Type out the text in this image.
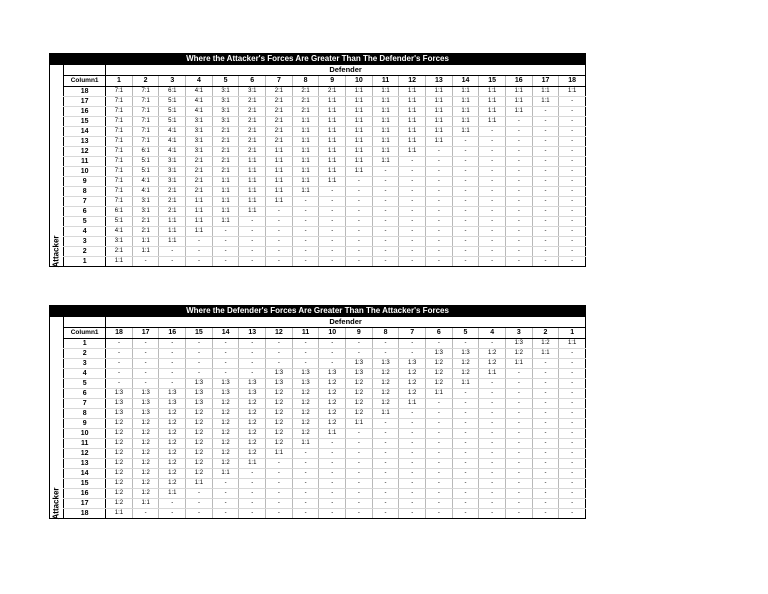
Where the Attacker's Forces Are Greater Than The Defender's Forces
Attacker
	Defender																	
Column1	1	2	3	4	5	6	7	8	9	10	11	12	13	14	15	16	17	18
18	7:1	7:1	6:1	4:1	3:1	3:1	2:1	2:1	2:1	1:1	1:1	1:1	1:1	1:1	1:1	1:1	1:1	1:1
17	7:1	7:1	5:1	4:1	3:1	2:1	2:1	2:1	1:1	1:1	1:1	1:1	1:1	1:1	1:1	1:1	1:1	-
16	7:1	7:1	5:1	4:1	3:1	2:1	2:1	2:1	1:1	1:1	1:1	1:1	1:1	1:1	1:1	1:1	-	-
15	7:1	7:1	5:1	3:1	3:1	2:1	2:1	1:1	1:1	1:1	1:1	1:1	1:1	1:1	1:1	-	-	-
14	7:1	7:1	4:1	3:1	2:1	2:1	2:1	1:1	1:1	1:1	1:1	1:1	1:1	1:1	-	-	-	-
13	7:1	7:1	4:1	3:1	2:1	2:1	2:1	1:1	1:1	1:1	1:1	1:1	1:1	-	-	-	-	-
12	7:1	6:1	4:1	3:1	2:1	2:1	1:1	1:1	1:1	1:1	1:1	1:1	-	-	-	-	-	-
11	7:1	5:1	3:1	2:1	2:1	1:1	1:1	1:1	1:1	1:1	1:1	-	-	-	-	-	-	-
10	7:1	5:1	3:1	2:1	2:1	1:1	1:1	1:1	1:1	1:1	-	-	-	-	-	-	-	-
9	7:1	4:1	3:1	2:1	1:1	1:1	1:1	1:1	1:1	-	-	-	-	-	-	-	-	-
8	7:1	4:1	2:1	2:1	1:1	1:1	1:1	1:1	-	-	-	-	-	-	-	-	-	-
7	7:1	3:1	2:1	1:1	1:1	1:1	1:1	-	-	-	-	-	-	-	-	-	-	-
6	6:1	3:1	2:1	1:1	1:1	1:1	-	-	-	-	-	-	-	-	-	-	-	-
5	5:1	2:1	1:1	1:1	1:1	-	-	-	-	-	-	-	-	-	-	-	-	-
4	4:1	2:1	1:1	1:1	-	-	-	-	-	-	-	-	-	-	-	-	-	-
3	3:1	1:1	1:1	-	-	-	-	-	-	-	-	-	-	-	-	-	-	-
2	2:1	1:1	-	-	-	-	-	-	-	-	-	-	-	-	-	-	-	-
1	1:1	-	-	-	-	-	-	-	-	-	-	-	-	-	-	-	-	-
Where the Defender's Forces Are Greater Than The Attacker's Forces
Attacker
	Defender																	
Column1	18	17	16	15	14	13	12	11	10	9	8	7	6	5	4	3	2	1
1	-	-	-	-	-	-	-	-	-	-	-	-	-	-	-	1:3	1:2	1:1
2	-	-	-	-	-	-	-	-	-	-	-	-	1:3	1:3	1:2	1:2	1:1	-
3	-	-	-	-	-	-	-	-	-	1:3	1:3	1:3	1:2	1:2	1:2	1:1	-	-
4	-	-	-	-	-	-	1:3	1:3	1:3	1:3	1:2	1:2	1:2	1:2	1:1	-	-	-
5	-	-	-	1:3	1:3	1:3	1:3	1:3	1:2	1:2	1:2	1:2	1:2	1:1	-	-	-	-
6	1:3	1:3	1:3	1:3	1:3	1:3	1:2	1:2	1:2	1:2	1:2	1:2	1:1	-	-	-	-	-
7	1:3	1:3	1:3	1:3	1:2	1:2	1:2	1:2	1:2	1:2	1:2	1:1	-	-	-	-	-	-
8	1:3	1:3	1:2	1:2	1:2	1:2	1:2	1:2	1:2	1:2	1:1	-	-	-	-	-	-	-
9	1:2	1:2	1:2	1:2	1:2	1:2	1:2	1:2	1:2	1:1	-	-	-	-	-	-	-	-
10	1:2	1:2	1:2	1:2	1:2	1:2	1:2	1:2	1:1	-	-	-	-	-	-	-	-	-
11	1:2	1:2	1:2	1:2	1:2	1:2	1:2	1:1	-	-	-	-	-	-	-	-	-	-
12	1:2	1:2	1:2	1:2	1:2	1:2	1:1	-	-	-	-	-	-	-	-	-	-	-
13	1:2	1:2	1:2	1:2	1:2	1:1	-	-	-	-	-	-	-	-	-	-	-	-
14	1:2	1:2	1:2	1:2	1:1	-	-	-	-	-	-	-	-	-	-	-	-	-
15	1:2	1:2	1:2	1:1	-	-	-	-	-	-	-	-	-	-	-	-	-	-
16	1:2	1:2	1:1	-	-	-	-	-	-	-	-	-	-	-	-	-	-	-
17	1:2	1:1	-	-	-	-	-	-	-	-	-	-	-	-	-	-	-	-
18	1:1	-	-	-	-	-	-	-	-	-	-	-	-	-	-	-	-	-
